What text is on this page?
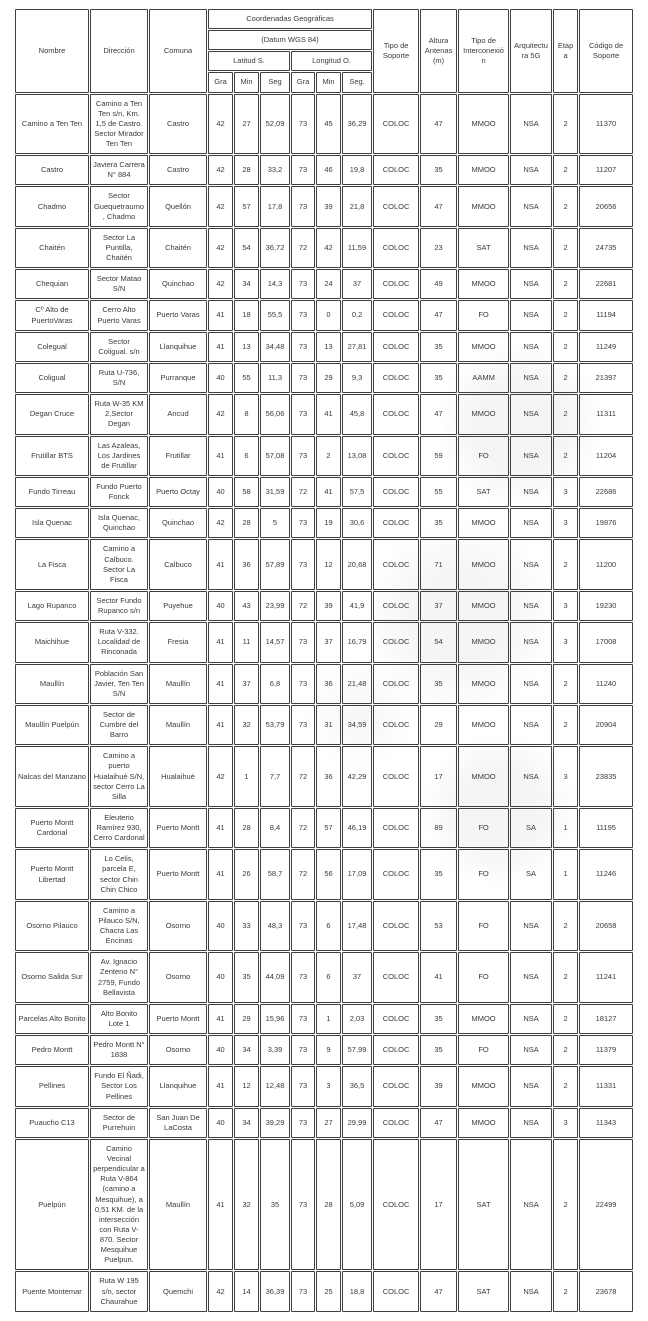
Nombre	Dirección	Comuna	Coordenadas Geográficas						Tipo de Soporte	Altura Antenas (m)	Tipo de Interconexión	Arquitectura 5G	Etapa	Código de Soporte
			(Datum WGS 84)											
			Latitud S.			Longitud O.								
			Gra	Min	Seg	Gra	Min	Seg.						
Camino a Ten Ten	Camino a Ten Ten s/n, Km. 1,5 de Castro. Sector Mirador Ten Ten	Castro	42	27	52,09	73	45	36,29	COLOC	47	MMOO	NSA	2	11370
Castro	Javiera Carrera N° 884	Castro	42	28	33,2	73	46	19,8	COLOC	35	MMOO	NSA	2	11207
Chadmo	Sector Guequetraumo, Chadmo	Quellón	42	57	17,8	73	39	21,8	COLOC	47	MMOO	NSA	2	20656
Chaitén	Sector La Puntilla, Chaitén	Chaitén	42	54	36,72	72	42	11,59	COLOC	23	SAT	NSA	2	24735
Chequian	Sector Matao S/N	Quinchao	42	34	14,3	73	24	37	COLOC	49	MMOO	NSA	2	22681
Cº Alto de PuertoVaras	Cerro Alto Puerto Varas	Puerto Varas	41	18	55,5	73	0	0,2	COLOC	47	FO	NSA	2	11194
Colegual	Sector Coligual. s/n	Llanquihue	41	13	34,48	73	13	27,81	COLOC	35	MMOO	NSA	2	11249
Coligual	Ruta U-736, S/N	Purranque	40	55	11,3	73	29	9,3	COLOC	35	AAMM	NSA	2	21397
Degan Cruce	Ruta W-35 KM 2,Sector Degan	Ancud	42	8	56,06	73	41	45,8	COLOC	47	MMOO	NSA	2	11311
Frutillar BTS	Las Azaleas, Los Jardines de Frutillar	Frutillar	41	6	57,08	73	2	13,08	COLOC	59	FO	NSA	2	11204
Fundo Tirreau	Fundo Puerto Fonck	Puerto Octay	40	58	31,59	72	41	57,5	COLOC	55	SAT	NSA	3	22686
Isla Quenac	Isla Quenac, Quinchao	Quinchao	42	28	5	73	19	30,6	COLOC	35	MMOO	NSA	3	19876
La Fisca	Camino a Calbuco. Sector La Fisca	Calbuco	41	36	57,89	73	12	20,68	COLOC	71	MMOO	NSA	2	11200
Lago Rupanco	Sector Fundo Rupanco s/n	Puyehue	40	43	23,99	72	39	41,9	COLOC	37	MMOO	NSA	3	19230
Maichihue	Ruta V-332. Localidad de Rinconada	Fresia	41	11	14,57	73	37	16,79	COLOC	54	MMOO	NSA	3	17008
Maullín	Población San Javier, Ten Ten S/N	Maullín	41	37	6,8	73	36	21,48	COLOC	35	MMOO	NSA	2	11240
Maullín Puelpún	Sector de Cumbre del Barro	Maullín	41	32	53,79	73	31	34,59	COLOC	29	MMOO	NSA	2	20904
Nalcas del Manzano	Camino a puerto Hualaihué S/N, sector Cerro La Silla	Hualaihué	42	1	7,7	72	36	42,29	COLOC	17	MMOO	NSA	3	23835
Puerto Montt Cardonal	Eleuterio Ramírez 930, Cerro Cardonal	Puerto Montt	41	28	8,4	72	57	46,19	COLOC	89	FO	SA	1	11195
Puerto Montt Libertad	Lo Celis, parcela E, sector Chin Chin Chico	Puerto Montt	41	26	58,7	72	56	17,09	COLOC	35	FO	SA	1	11246
Osorno Pilauco	Camino a Pilauco S/N, Chacra Las Encinas	Osorno	40	33	48,3	73	6	17,48	COLOC	53	FO	NSA	2	20658
Osorno Salida Sur	Av. Ignacio Zenteno N° 2759, Fundo Bellavista	Osorno	40	35	44,09	73	6	37	COLOC	41	FO	NSA	2	11241
Parcelas Alto Bonito	Alto Bonito Lote 1	Puerto Montt	41	29	15,96	73	1	2,03	COLOC	35	MMOO	NSA	2	18127
Pedro Montt	Pedro Montt N° 1838	Osorno	40	34	3,39	73	9	57,99	COLOC	35	FO	NSA	2	11379
Pellines	Fundo El Ñadi, Sector Los Pellines	Llanquihue	41	12	12,48	73	3	36,5	COLOC	39	MMOO	NSA	2	11331
Puaucho C13	Sector de Purrehuin	San Juan De LaCosta	40	34	39,29	73	27	29,99	COLOC	47	MMOO	NSA	3	11343
Puelpún	Camino Vecinal perpendicular a Ruta V-864 (camino a Mesquihue), a 0,51 KM. de la intersección con Ruta V-870. Sector Mesquihue Puelpun.	Maullín	41	32	35	73	28	5,09	COLOC	17	SAT	NSA	2	22499
Puente Montemar	Ruta W 195 s/n, sector Chaurahue	Quemchi	42	14	36,39	73	25	18,8	COLOC	47	SAT	NSA	2	23678
